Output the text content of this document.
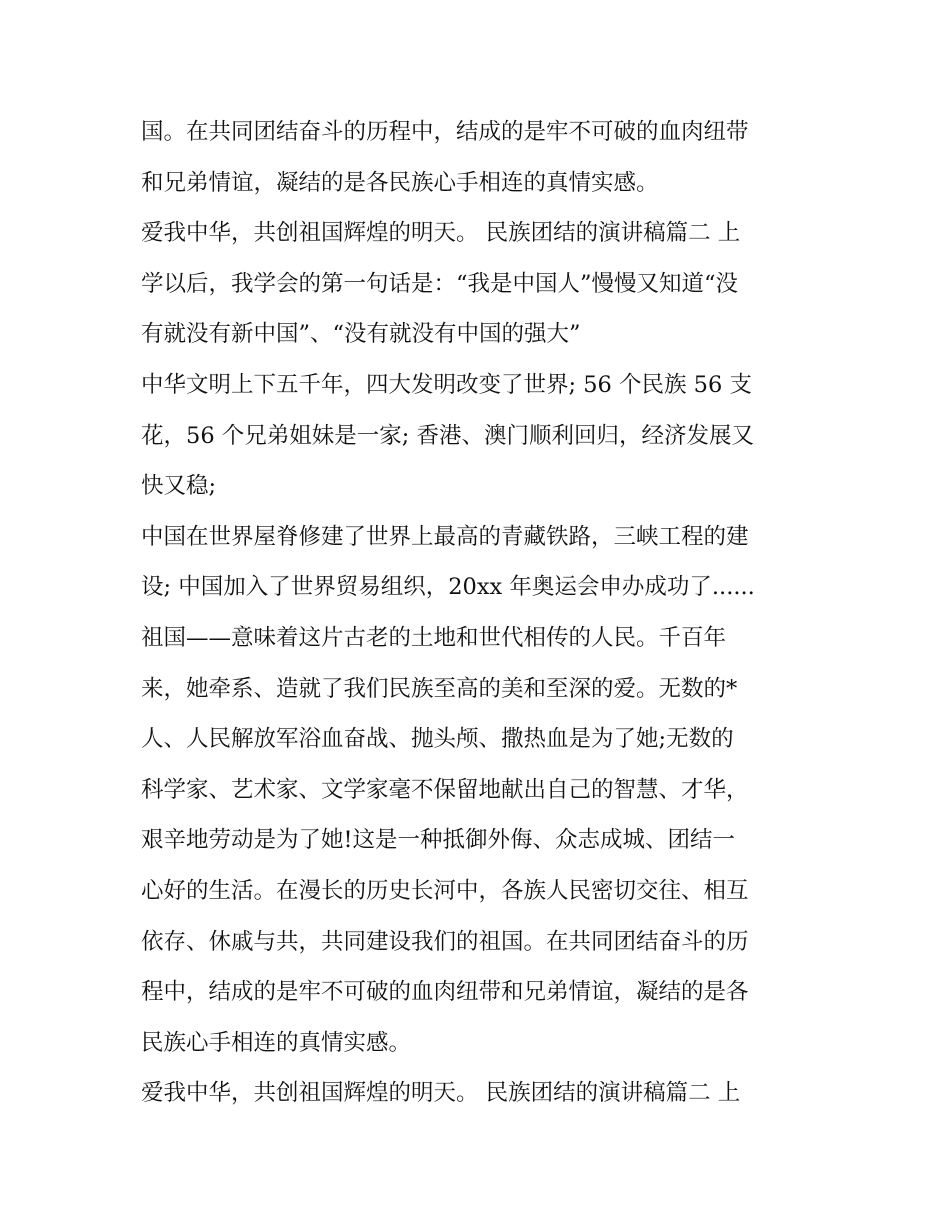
国。在共同团结奋斗的历程中，结成的是牢不可破的血肉纽带
和兄弟情谊，凝结的是各民族心手相连的真情实感。
爱我中华，共创祖国辉煌的明天。 民族团结的演讲稿篇二 上
学以后，我学会的第一句话是：“我是中国人”慢慢又知道“没
有就没有新中国”、“没有就没有中国的强大”
中华文明上下五千年，四大发明改变了世界; 56 个民族 56 支
花，56 个兄弟姐妹是一家; 香港、澳门顺利回归，经济发展又
快又稳;
中国在世界屋脊修建了世界上最高的青藏铁路，三峡工程的建
设; 中国加入了世界贸易组织，20xx 年奥运会申办成功了......
祖国——意味着这片古老的土地和世代相传的人民。千百年
来，她牵系、造就了我们民族至高的美和至深的爱。无数的*
人、人民解放军浴血奋战、抛头颅、撒热血是为了她;无数的
科学家、艺术家、文学家毫不保留地献出自己的智慧、才华，
艰辛地劳动是为了她!这是一种抵御外侮、众志成城、团结一
心好的生活。在漫长的历史长河中，各族人民密切交往、相互
依存、休戚与共，共同建设我们的祖国。在共同团结奋斗的历
程中，结成的是牢不可破的血肉纽带和兄弟情谊，凝结的是各
民族心手相连的真情实感。
爱我中华，共创祖国辉煌的明天。 民族团结的演讲稿篇二 上
